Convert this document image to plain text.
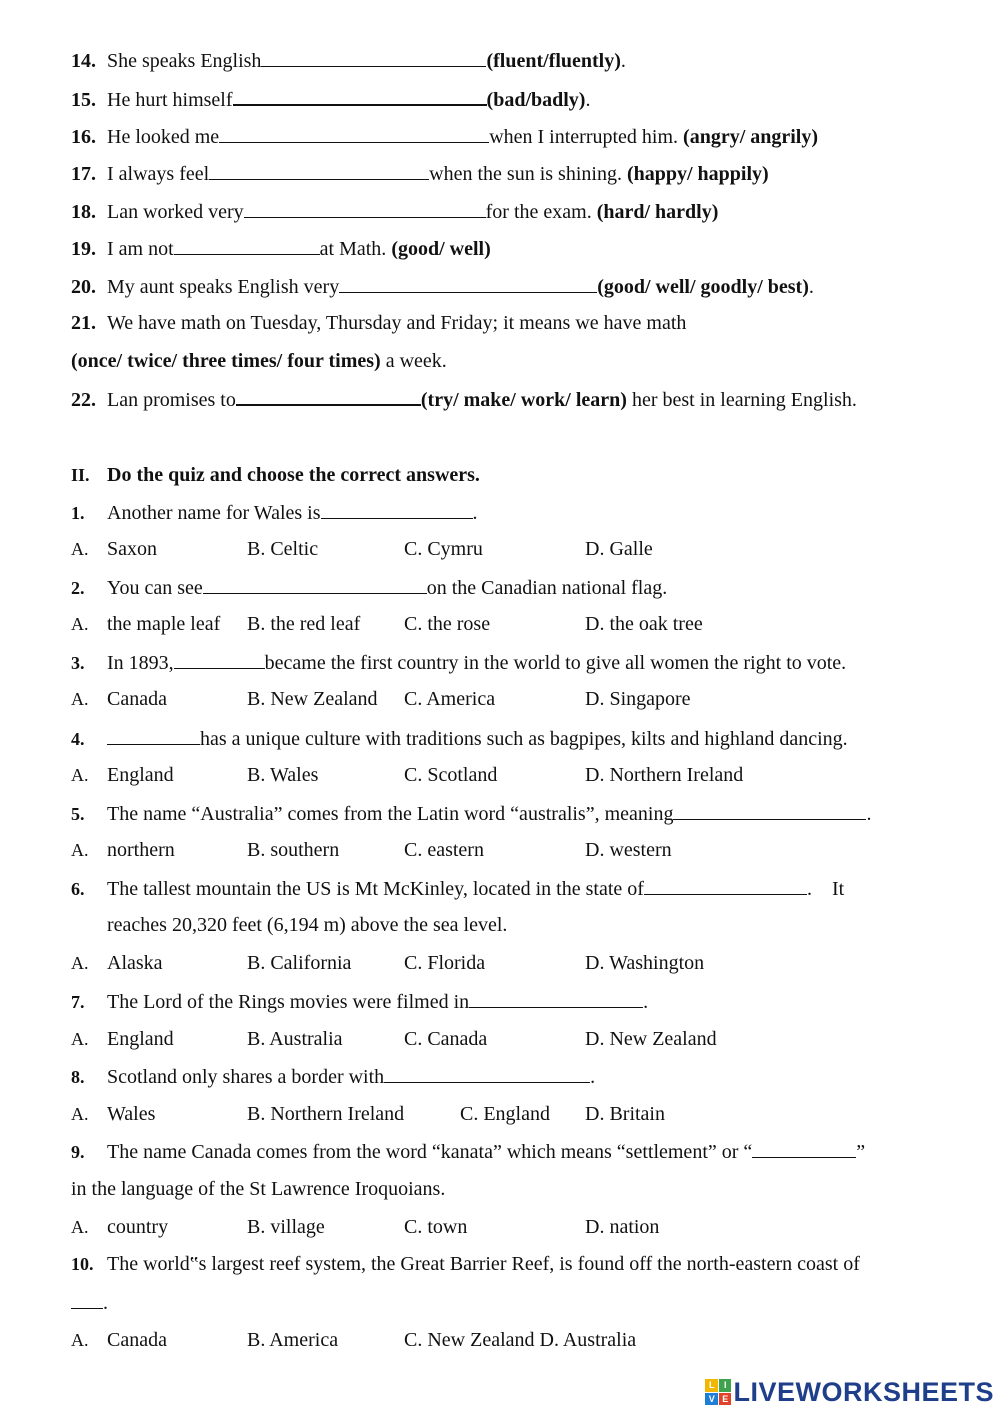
14. She speaks English	(fluent/fluently).
15. He hurt himself	(bad/badly).
16. He looked me	when I interrupted him. (angry/ angrily)
17. I always feel	when the sun is shining. (happy/ happily)
18. Lan worked very	for the exam. (hard/ hardly)
19. I am not	at Math. (good/ well)
20. My aunt speaks English very	(good/ well/ goodly/ best).
21. We have math on Tuesday, Thursday and Friday; it means we have math
(once/ twice/ three times/ four times) a week.
22. Lan promises to	(try/ make/ work/ learn) her best in learning English.
II. Do the quiz and choose the correct answers.
1. Another name for Wales is	.
A. Saxon	B. Celtic	C. Cymru	D. Galle
2. You can see	on the Canadian national flag.
A. the maple leaf B. the red leaf C. the rose	D. the oak tree
3. In 1893,	became the first country in the world to give all women the right to vote.
A. Canada	B. New Zealand C. America	D. Singapore
4.	has a unique culture with traditions such as bagpipes, kilts and highland dancing.
A. England	B. Wales	C. Scotland	D. Northern Ireland
5. The name “Australia” comes from the Latin word “australis”, meaning	.
A. northern	B. southern	C. eastern	D. western
6. The tallest mountain the US is Mt McKinley, located in the state of	.    It
reaches 20,320 feet (6,194 m) above the sea level.
A. Alaska	B. California	C. Florida	D. Washington
7. The Lord of the Rings movies were filmed in	.
A. England	B. Australia	C. Canada	D. New Zealand
8. Scotland only shares a border with	.
A. Wales	B. Northern Ireland	C. England D. Britain
9. The name Canada comes from the word “kanata” which means “settlement” or “	”
in the language of the St Lawrence Iroquoians.
A. country	B. village	C. town	D. nation
10. The world‟s largest reef system, the Great Barrier Reef, is found off the north-eastern coast of
.
A. Canada	B. America	C. New Zealand D. Australia
L	I
V E LIVEWORKSHEETS
